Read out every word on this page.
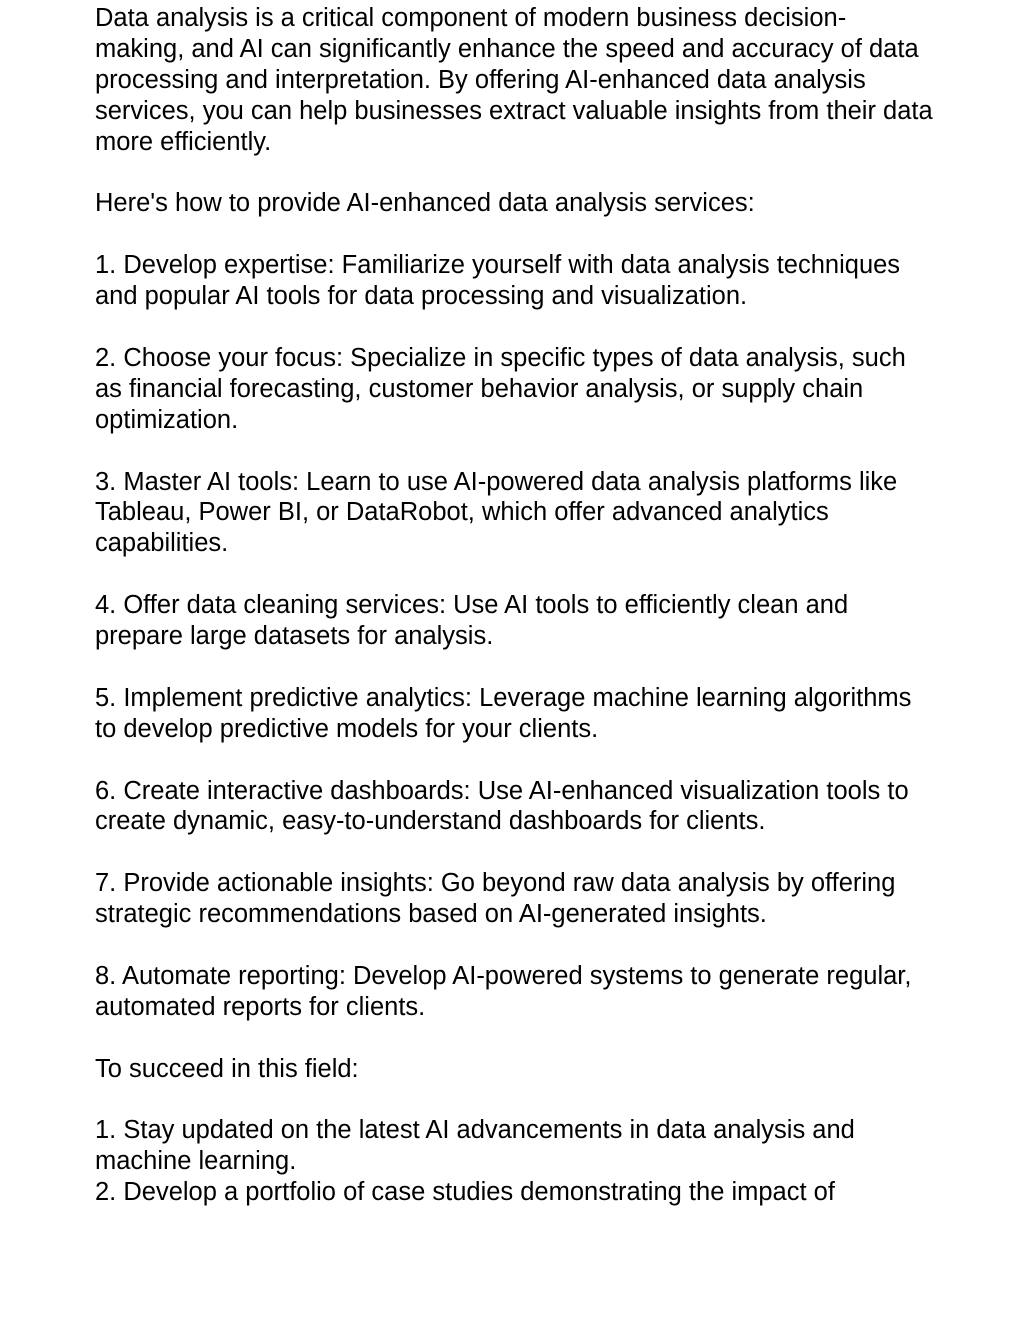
Data analysis is a critical component of modern business decision-making, and AI can significantly enhance the speed and accuracy of data processing and interpretation. By offering AI-enhanced data analysis services, you can help businesses extract valuable insights from their data more efficiently.

Here's how to provide AI-enhanced data analysis services:

1. Develop expertise: Familiarize yourself with data analysis techniques and popular AI tools for data processing and visualization.

2. Choose your focus: Specialize in specific types of data analysis, such as financial forecasting, customer behavior analysis, or supply chain optimization.

3. Master AI tools: Learn to use AI-powered data analysis platforms like Tableau, Power BI, or DataRobot, which offer advanced analytics capabilities.

4. Offer data cleaning services: Use AI tools to efficiently clean and prepare large datasets for analysis.

5. Implement predictive analytics: Leverage machine learning algorithms to develop predictive models for your clients.

6. Create interactive dashboards: Use AI-enhanced visualization tools to create dynamic, easy-to-understand dashboards for clients.

7. Provide actionable insights: Go beyond raw data analysis by offering strategic recommendations based on AI-generated insights.

8. Automate reporting: Develop AI-powered systems to generate regular, automated reports for clients.

To succeed in this field:

1. Stay updated on the latest AI advancements in data analysis and machine learning.

2. Develop a portfolio of case studies demonstrating the impact of
